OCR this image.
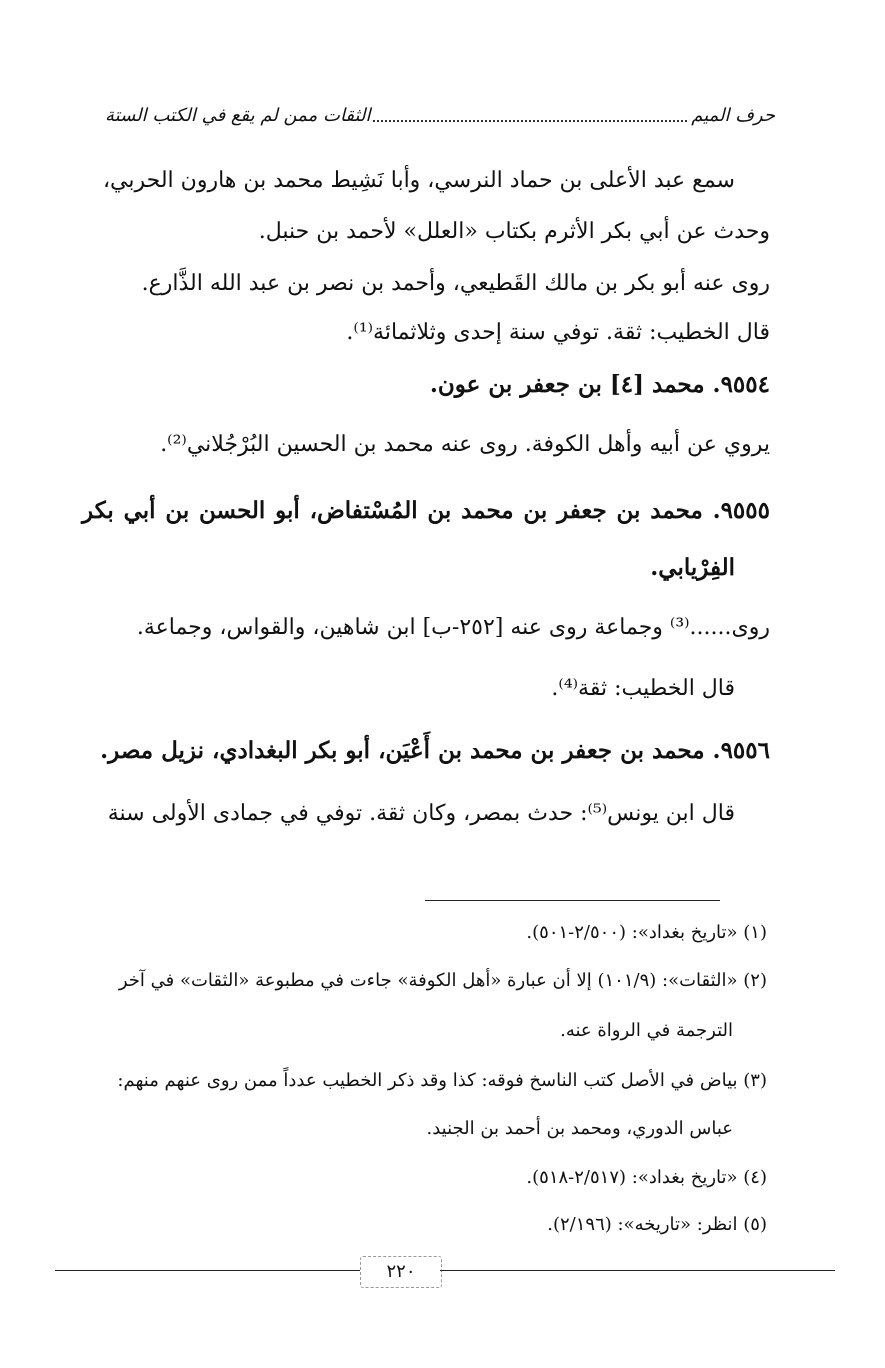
حرف الميم
الثقات ممن لم يقع في الكتب الستة
سمع عبد الأعلى بن حماد النرسي، وأبا نَشِيط محمد بن هارون الحربي،
وحدث عن أبي بكر الأثرم بكتاب «العلل» لأحمد بن حنبل.
روى عنه أبو بكر بن مالك القَطيعي، وأحمد بن نصر بن عبد الله الذَّارع.
قال الخطيب: ثقة. توفي سنة إحدى وثلاثمائة⁽¹⁾.
٩٥٥٤. محمد [٤] بن جعفر بن عون.
يروي عن أبيه وأهل الكوفة. روى عنه محمد بن الحسين البُرْجُلاني⁽²⁾.
٩٥٥٥. محمد بن جعفر بن محمد بن المُسْتفاض، أبو الحسن بن أبي بكر
الفِرْيابي.
روى......⁽³⁾ وجماعة روى عنه [٢٥٢-ب] ابن شاهين، والقواس، وجماعة.
قال الخطيب: ثقة⁽⁴⁾.
٩٥٥٦. محمد بن جعفر بن محمد بن أَعْيَن، أبو بكر البغدادي، نزيل مصر.
قال ابن يونس⁽⁵⁾: حدث بمصر، وكان ثقة. توفي في جمادى الأولى سنة
(١) «تاريخ بغداد»: (٢/٥٠٠-٥٠١).
(٢) «الثقات»: (١٠١/٩) إلا أن عبارة «أهل الكوفة» جاءت في مطبوعة «الثقات» في آخر
الترجمة في الرواة عنه.
(٣) بياض في الأصل كتب الناسخ فوقه: كذا وقد ذكر الخطيب عدداً ممن روى عنهم منهم:
عباس الدوري، ومحمد بن أحمد بن الجنيد.
(٤) «تاريخ بغداد»: (٢/٥١٧-٥١٨).
(٥) انظر: «تاريخه»: (٢/١٩٦).
٢٢٠
